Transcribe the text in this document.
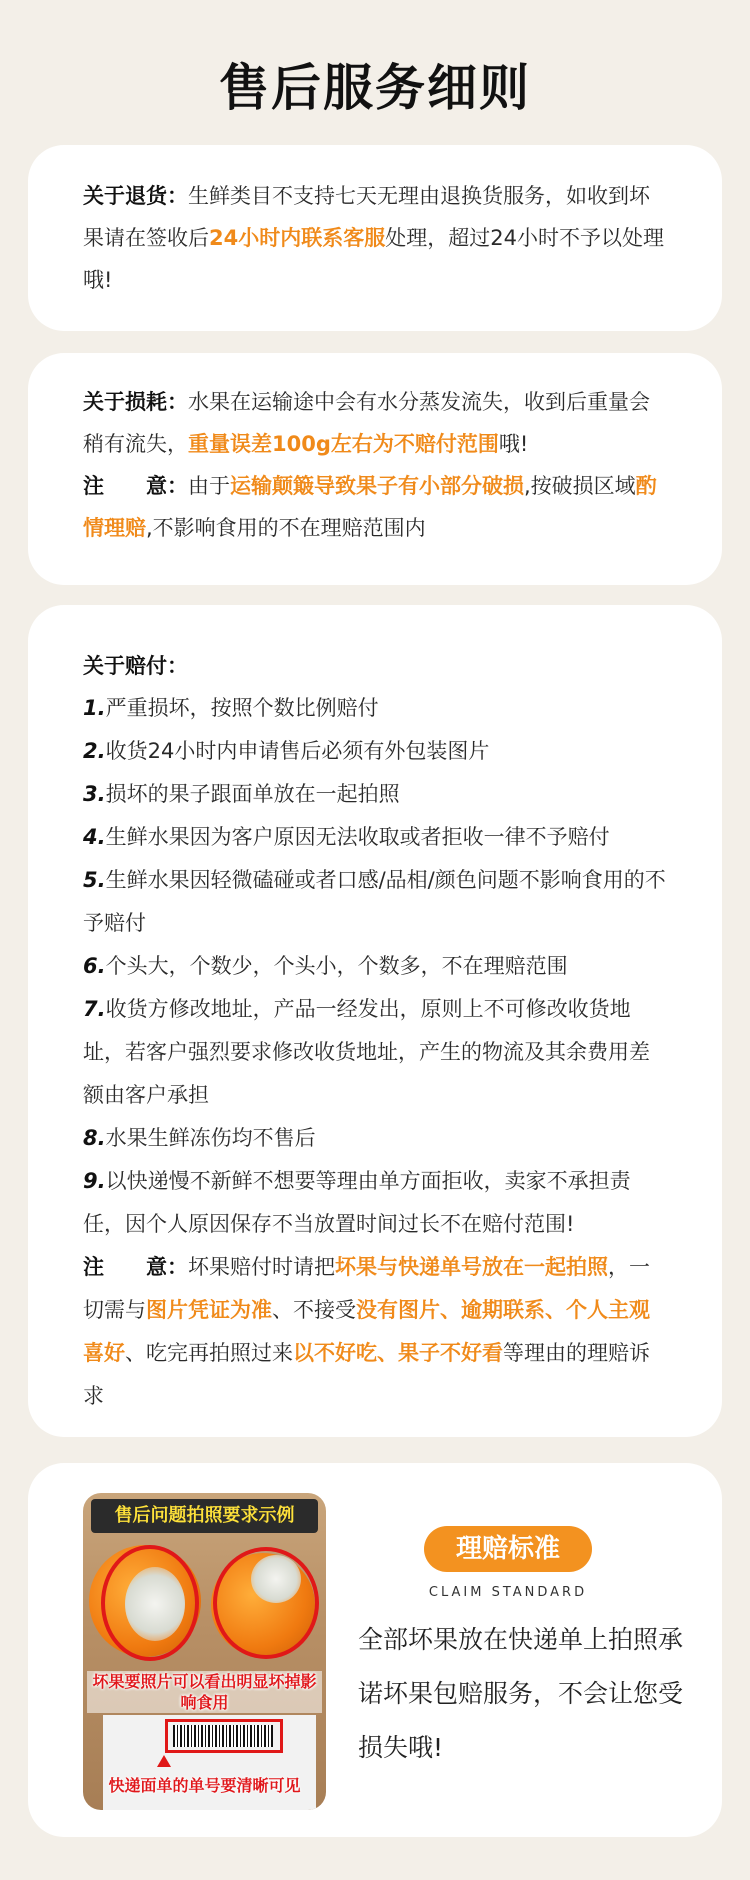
售后服务细则
关于退货：生鲜类目不支持七天无理由退换货服务，如收到坏果请在签收后24小时内联系客服处理，超过24小时不予以处理哦!
关于损耗：水果在运输途中会有水分蒸发流失，收到后重量会稍有流失，重量误差100g左右为不赔付范围哦!
注　　意：由于运输颠簸导致果子有小部分破损,按破损区域酌情理赔,不影响食用的不在理赔范围内
关于赔付：
1.严重损坏，按照个数比例赔付
2.收货24小时内申请售后必须有外包装图片
3.损坏的果子跟面单放在一起拍照
4.生鲜水果因为客户原因无法收取或者拒收一律不予赔付
5.生鲜水果因轻微磕碰或者口感/品相/颜色问题不影响食用的不予赔付
6.个头大，个数少，个头小，个数多，不在理赔范围
7.收货方修改地址，产品一经发出，原则上不可修改收货地址，若客户强烈要求修改收货地址，产生的物流及其余费用差额由客户承担
8.水果生鲜冻伤均不售后
9.以快递慢不新鲜不想要等理由单方面拒收，卖家不承担责任，因个人原因保存不当放置时间过长不在赔付范围!
注　　意：坏果赔付时请把坏果与快递单号放在一起拍照，一切需与图片凭证为准、不接受没有图片、逾期联系、个人主观喜好、吃完再拍照过来以不好吃、果子不好看等理由的理赔诉求
售后问题拍照要求示例
坏果要照片可以看出明显坏掉影响食用
快递面单的单号要清晰可见
理赔标准
CLAIM STANDARD
全部坏果放在快递单上拍照承诺坏果包赔服务，不会让您受损失哦!
